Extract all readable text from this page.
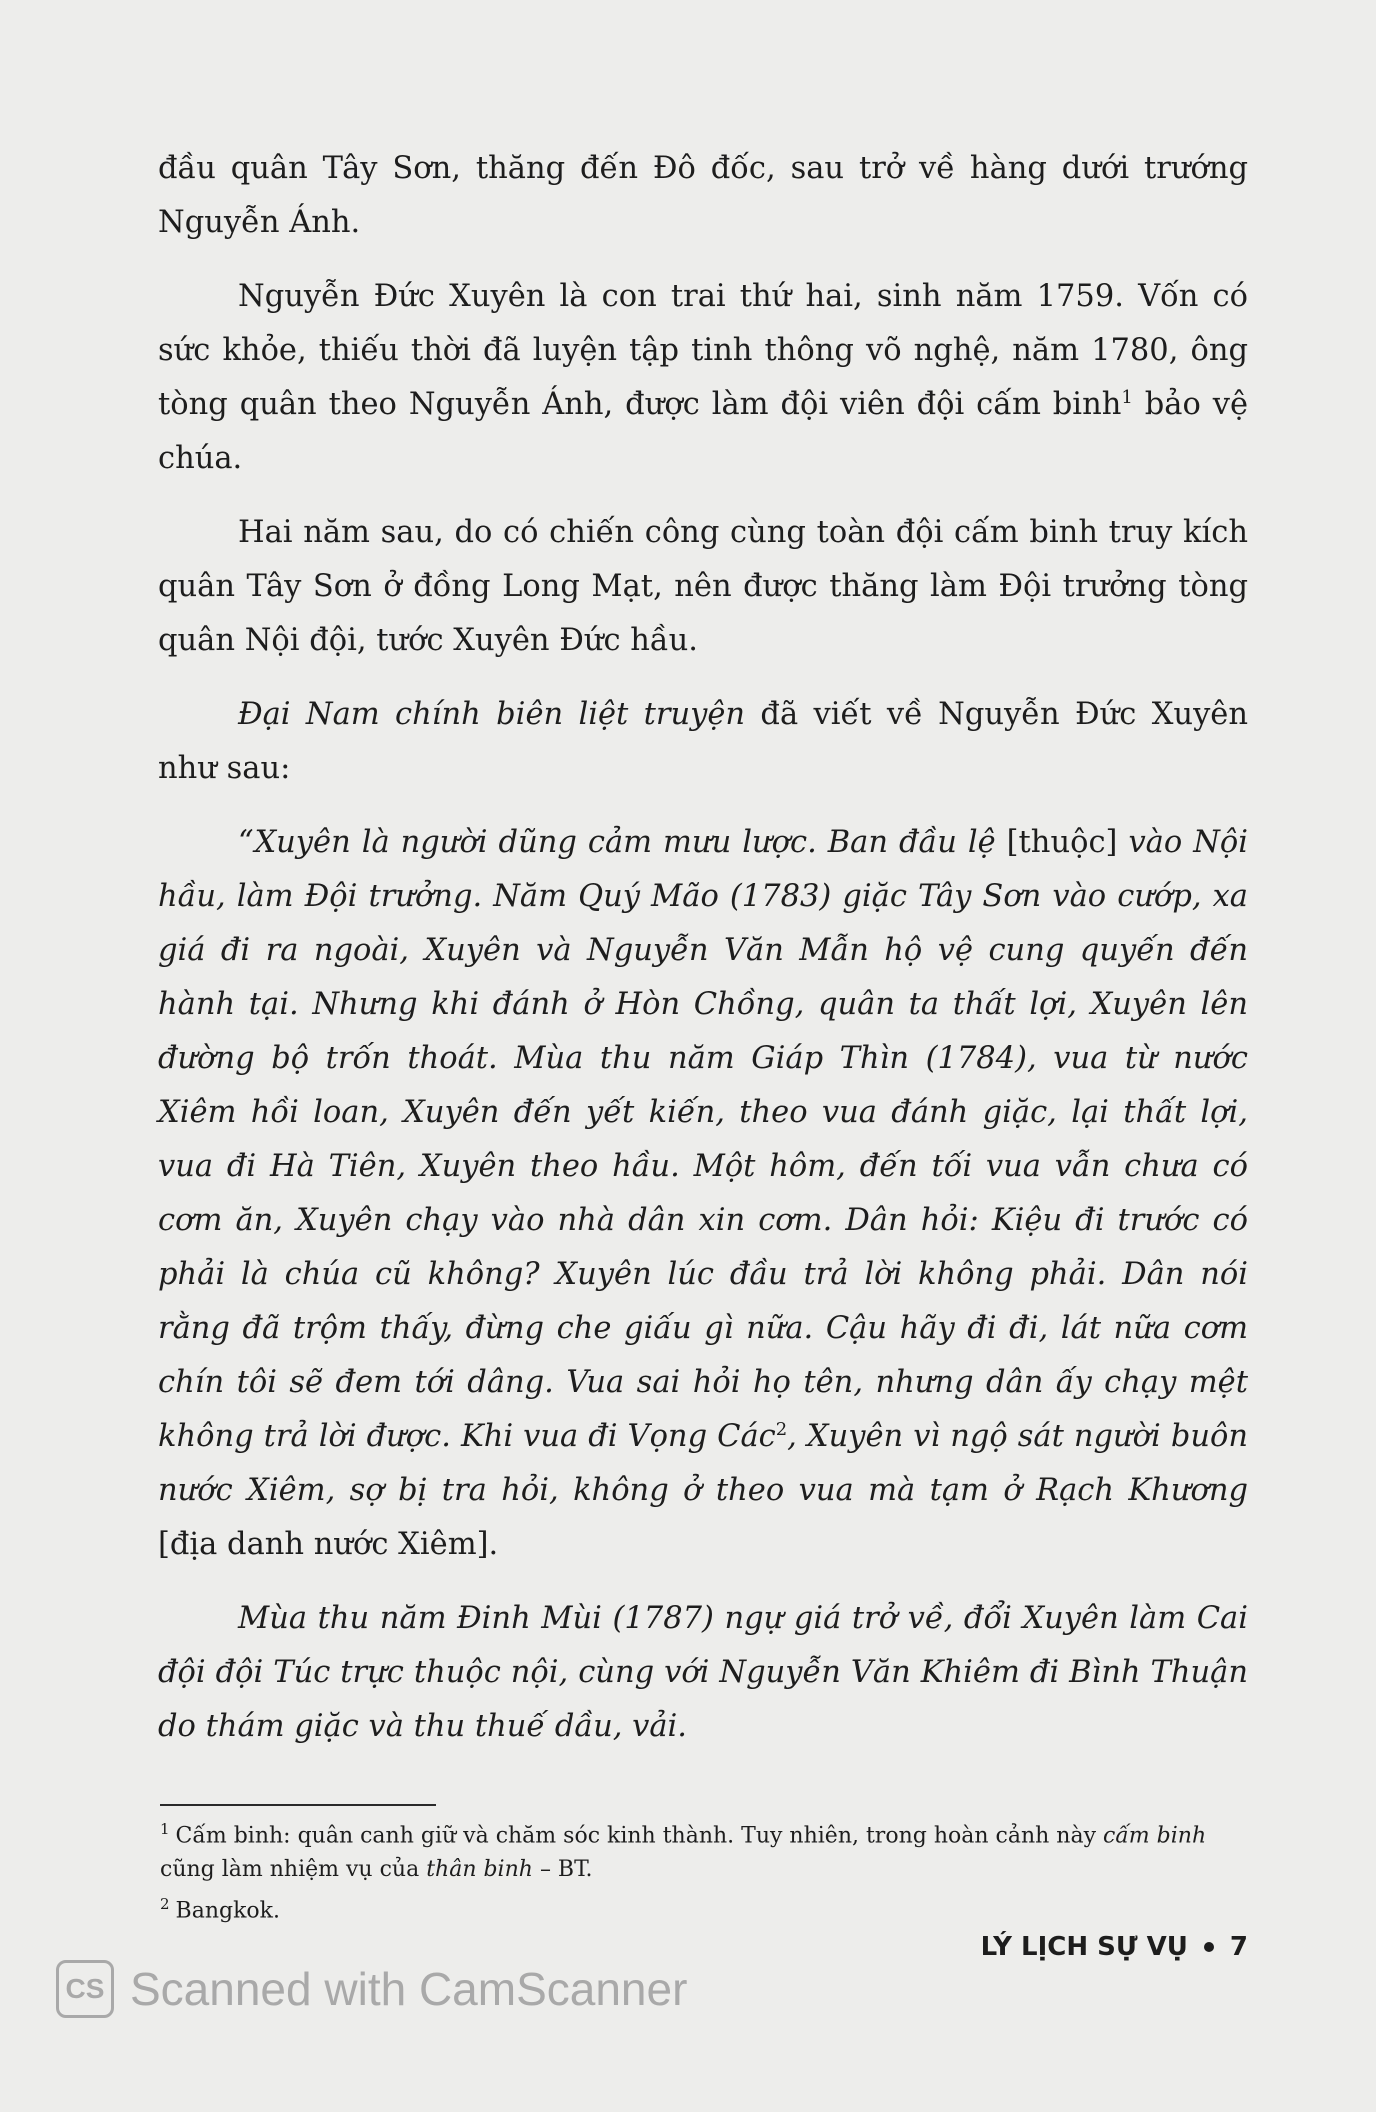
đầu quân Tây Sơn, thăng đến Đô đốc, sau trở về hàng dưới trướng Nguyễn Ánh.

Nguyễn Đức Xuyên là con trai thứ hai, sinh năm 1759. Vốn có sức khỏe, thiếu thời đã luyện tập tinh thông võ nghệ, năm 1780, ông tòng quân theo Nguyễn Ánh, được làm đội viên đội cấm binh$^1$ bảo vệ chúa.

Hai năm sau, do có chiến công cùng toàn đội cấm binh truy kích quân Tây Sơn ở đồng Long Mạt, nên được thăng làm Đội trưởng tòng quân Nội đội, tước Xuyên Đức hầu.

Đại Nam chính biên liệt truyện đã viết về Nguyễn Đức Xuyên như sau:

“Xuyên là người dũng cảm mưu lược. Ban đầu lệ [thuộc] vào Nội hầu, làm Đội trưởng. Năm Quý Mão (1783) giặc Tây Sơn vào cướp, xa giá đi ra ngoài, Xuyên và Nguyễn Văn Mẫn hộ vệ cung quyến đến hành tại. Nhưng khi đánh ở Hòn Chồng, quân ta thất lợi, Xuyên lên đường bộ trốn thoát. Mùa thu năm Giáp Thìn (1784), vua từ nước Xiêm hồi loan, Xuyên đến yết kiến, theo vua đánh giặc, lại thất lợi, vua đi Hà Tiên, Xuyên theo hầu. Một hôm, đến tối vua vẫn chưa có cơm ăn, Xuyên chạy vào nhà dân xin cơm. Dân hỏi: Kiệu đi trước có phải là chúa cũ không? Xuyên lúc đầu trả lời không phải. Dân nói rằng đã trộm thấy, đừng che giấu gì nữa. Cậu hãy đi đi, lát nữa cơm chín tôi sẽ đem tới dâng. Vua sai hỏi họ tên, nhưng dân ấy chạy mệt không trả lời được. Khi vua đi Vọng Các$^2$, Xuyên vì ngộ sát người buôn nước Xiêm, sợ bị tra hỏi, không ở theo vua mà tạm ở Rạch Khương [địa danh nước Xiêm].

Mùa thu năm Đinh Mùi (1787) ngự giá trở về, đổi Xuyên làm Cai đội đội Túc trực thuộc nội, cùng với Nguyễn Văn Khiêm đi Bình Thuận do thám giặc và thu thuế dầu, vải.

$^1$ Cấm binh: quân canh giữ và chăm sóc kinh thành. Tuy nhiên, trong hoàn cảnh này cấm binh cũng làm nhiệm vụ của thân binh – BT.

$^2$ Bangkok.

LÝ LỊCH SỰ VỤ 7
CS Scanned with CamScanner
